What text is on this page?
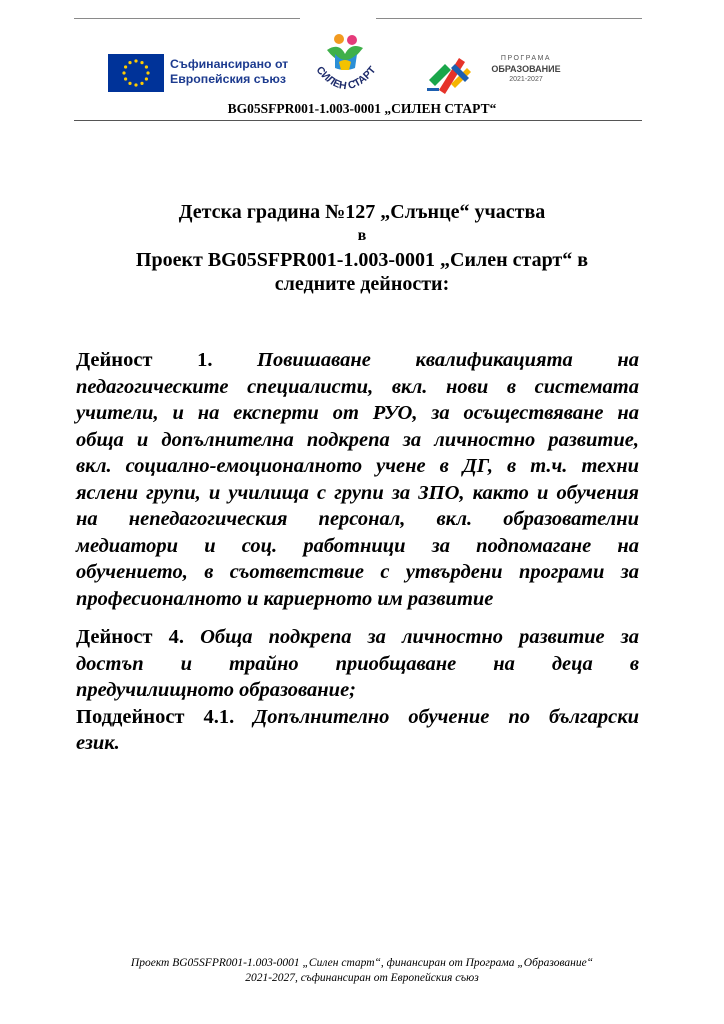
Съфинансирано от
Европейския съюз
СИЛЕН СТАРТ
ПРОГРАМА
ОБРАЗОВАНИЕ
2021-2027
BG05SFPR001-1.003-0001 „СИЛЕН СТАРТ“
Детска градина №127 „Слънце“ участва
в
Проект BG05SFPR001-1.003-0001 „Силен старт“ в
следните дейности:
Дейност 1. Повишаване квалификацията на
педагогическите специалисти, вкл. нови в системата
учители, и на експерти от РУО, за осъществяване на
обща и допълнителна подкрепа за личностно развитие,
вкл. социално-емоционалното учене в ДГ, в т.ч. техни
яслени групи, и училища с групи за ЗПО, както и обучения
на непедагогическия персонал, вкл. образователни
медиатори и соц. работници за подпомагане на
обучението, в съответствие с утвърдени програми за
професионалното и кариерното им развитие
Дейност 4. Обща подкрепа за личностно развитие за
достъп и трайно приобщаване на деца в
предучилищното образование;
Поддейност 4.1. Допълнително обучение по български
език.
Проект BG05SFPR001-1.003-0001 „Силен старт“, финансиран от Програма „Образование“
2021-2027, съфинансиран от Европейския съюз
